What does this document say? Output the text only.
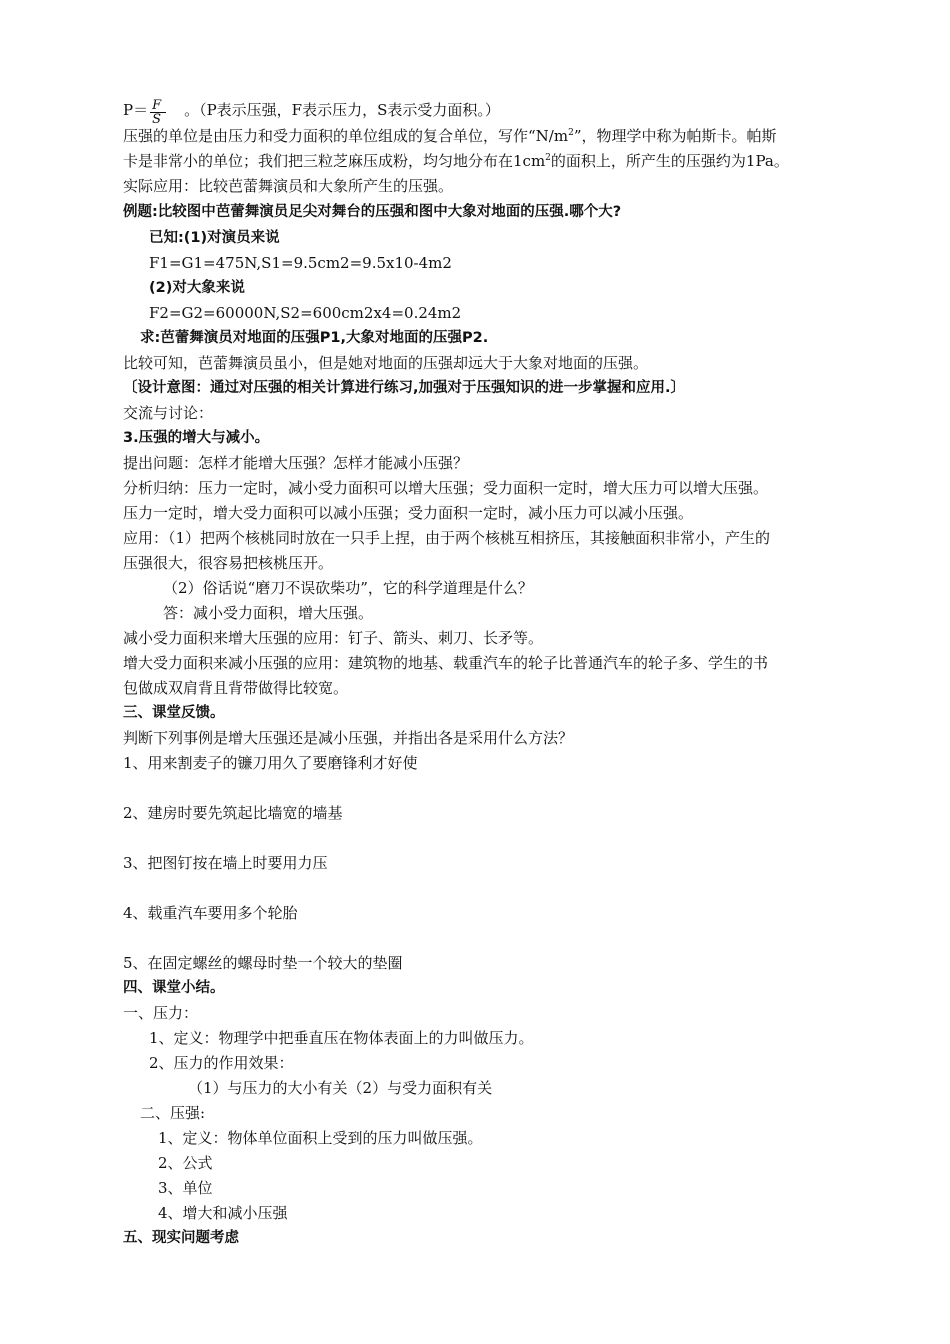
P＝ F
S
。（P表示压强，F表示压力，S表示受力面积。）
压强的单位是由压力和受力面积的单位组成的复合单位，写作“$N/m^2$”，物理学中称为帕斯卡。帕斯
卡是非常小的单位；我们把三粒芝麻压成粉，均匀地分布在$1cm^2$的面积上，所产生的压强约为1Pa。
实际应用：比较芭蕾舞演员和大象所产生的压强。
例题:比较图中芭蕾舞演员足尖对舞台的压强和图中大象对地面的压强.哪个大?
已知:(1)对演员来说
F1=G1=475N,S1=9.5cm2=9.5x10-4m2
(2)对大象来说
F2=G2=60000N,S2=600cm2x4=0.24m2
求:芭蕾舞演员对地面的压强P1,大象对地面的压强P2.
比较可知，芭蕾舞演员虽小，但是她对地面的压强却远大于大象对地面的压强。
〔设计意图：通过对压强的相关计算进行练习,加强对于压强知识的进一步掌握和应用.〕
交流与讨论：
3.压强的增大与减小。
提出问题：怎样才能增大压强？怎样才能减小压强？
分析归纳：压力一定时，减小受力面积可以增大压强；受力面积一定时，增大压力可以增大压强。
压力一定时，增大受力面积可以减小压强；受力面积一定时，减小压力可以减小压强。
应用：（1）把两个核桃同时放在一只手上捏，由于两个核桃互相挤压，其接触面积非常小，产生的
压强很大，很容易把核桃压开。
（2）俗话说“磨刀不误砍柴功”，它的科学道理是什么？
答：减小受力面积，增大压强。
减小受力面积来增大压强的应用：钉子、箭头、刺刀、长矛等。
增大受力面积来减小压强的应用：建筑物的地基、载重汽车的轮子比普通汽车的轮子多、学生的书
包做成双肩背且背带做得比较宽。
三、课堂反馈。
判断下列事例是增大压强还是减小压强，并指出各是采用什么方法？
1、用来割麦子的镰刀用久了要磨锋利才好使
2、建房时要先筑起比墙宽的墙基
3、把图钉按在墙上时要用力压
4、载重汽车要用多个轮胎
5、在固定螺丝的螺母时垫一个较大的垫圈
四、课堂小结。
一、压力：
1、定义：物理学中把垂直压在物体表面上的力叫做压力。
2、压力的作用效果：
（1）与压力的大小有关（2）与受力面积有关
二、压强:
1、定义：物体单位面积上受到的压力叫做压强。
2、公式
3、单位
4、增大和减小压强
五、现实问题考虑
